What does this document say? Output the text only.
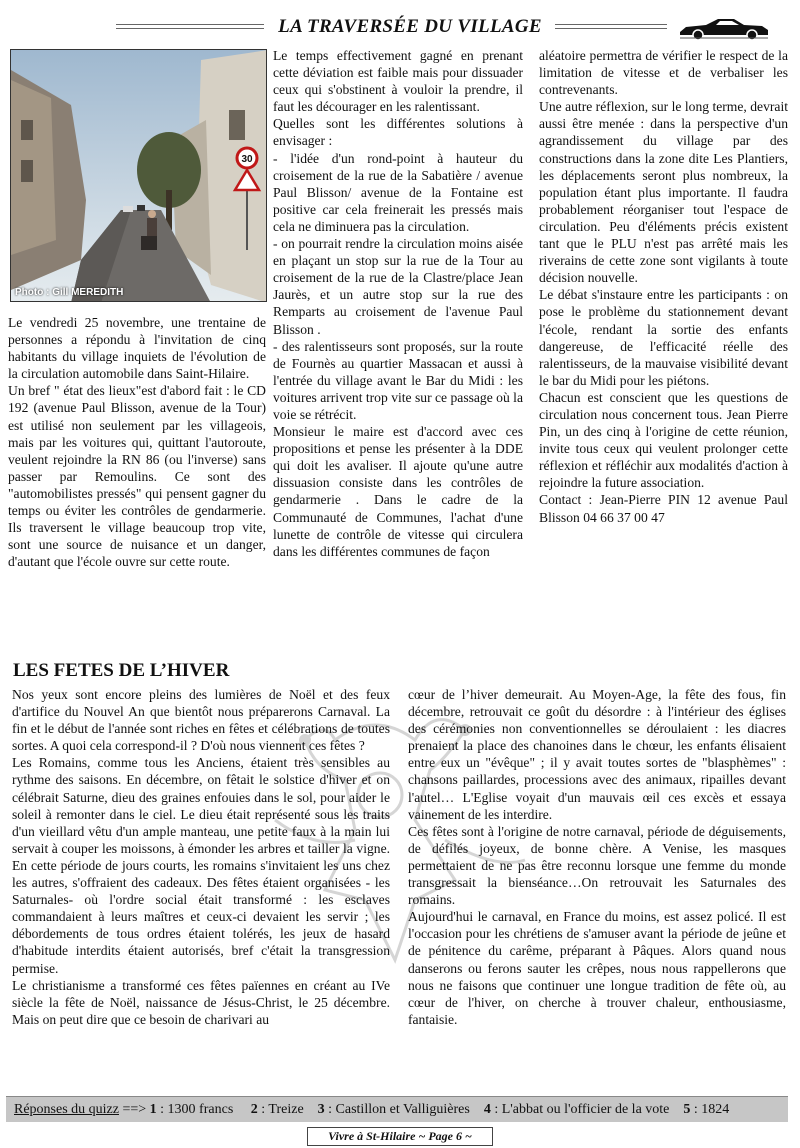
LA TRAVERSÉE DU VILLAGE
30
Photo : Gill MEREDITH

Le vendredi 25 novembre, une trentaine de personnes a répondu à l'invitation de cinq habitants du village inquiets de l'évolution de la circulation automobile dans Saint-Hilaire.

Un bref " état des lieux"est d'abord fait : le CD 192 (avenue Paul Blisson, avenue de la Tour) est utilisé non seulement par les villageois, mais par les voitures qui, quittant l'autoroute, veulent rejoindre la RN 86 (ou l'inverse) sans passer par Remoulins. Ce sont des "automobilistes pressés" qui pensent gagner du temps ou éviter les contrôles de gendarmerie. Ils traversent le village beaucoup trop vite, sont une source de nuisance et un danger, d'autant que l'école ouvre sur cette route.

Le temps effectivement gagné en prenant cette déviation est faible mais pour dissuader ceux qui s'obstinent à vouloir la prendre, il faut les décourager en les ralentissant.

Quelles sont les différentes solutions à envisager :

- l'idée d'un rond-point à hauteur du croisement de la rue de la Sabatière / avenue Paul Blisson/ avenue de la Fontaine est positive car cela freinerait les pressés mais cela ne diminuera pas la circulation.

- on pourrait rendre la circulation moins aisée en plaçant un stop sur la rue de la Tour au croisement de la rue de la Clastre/place Jean Jaurès, et un autre stop sur la rue des Remparts au croisement de l'avenue Paul Blisson .

- des ralentisseurs sont proposés, sur la route de Fournès au quartier Massacan et aussi à l'entrée du village avant le Bar du Midi : les voitures arrivent trop vite sur ce passage où la voie se rétrécit.

Monsieur le maire est d'accord avec ces propositions et pense les présenter à la DDE qui doit les avaliser. Il ajoute qu'une autre dissuasion consiste dans les contrôles de gendarmerie . Dans le cadre de la Communauté de Communes, l'achat d'une lunette de contrôle de vitesse qui circulera dans les différentes communes de façon

aléatoire permettra de vérifier le respect de la limitation de vitesse et de verbaliser les contrevenants.

Une autre réflexion, sur le long terme, devrait aussi être menée : dans la perspective d'un agrandissement du village par des constructions dans la zone dite Les Plantiers, les déplacements seront plus nombreux, la population étant plus importante. Il faudra probablement réorganiser tout l'espace de circulation. Peu d'éléments précis existent tant que le PLU n'est pas arrêté mais les riverains de cette zone sont vigilants à toute décision nouvelle.

Le débat s'instaure entre les participants : on pose le problème du stationnement devant l'école, rendant la sortie des enfants dangereuse, de l'efficacité réelle des ralentisseurs, de la mauvaise visibilité devant le bar du Midi pour les piétons.

Chacun est conscient que les questions de circulation nous concernent tous. Jean Pierre Pin, un des cinq à l'origine de cette réunion, invite tous ceux qui veulent prolonger cette réflexion et réfléchir aux modalités d'action à rejoindre la future association.

Contact : Jean-Pierre PIN 12 avenue Paul Blisson 04 66 37 00 47

LES FETES DE L’HIVER

Nos yeux sont encore pleins des lumières de Noël et des feux d'artifice du Nouvel An que bientôt nous préparerons Carnaval. La fin et le début de l'année sont riches en fêtes et célébrations de toutes sortes. A quoi cela correspond-il ? D'où nous viennent ces fêtes ?

Les Romains, comme tous les Anciens, étaient très sensibles au rythme des saisons. En décembre, on fêtait le solstice d'hiver et on célébrait Saturne, dieu des graines enfouies dans le sol, pour aider le soleil à remonter dans le ciel. Le dieu était représenté sous les traits d'un vieillard vêtu d'un ample manteau, une petite faux à la main lui servait à couper les moissons, à émonder les arbres et tailler la vigne. En cette période de jours courts, les romains s'invitaient les uns chez les autres, s'offraient des cadeaux. Des fêtes étaient organisées - les Saturnales- où l'ordre social était transformé : les esclaves commandaient à leurs maîtres et ceux-ci devaient les servir ; les débordements de tous ordres étaient tolérés, les jeux de hasard d'habitude interdits étaient autorisés, bref c'était la transgression permise.

Le christianisme a transformé ces fêtes païennes en créant au IVe siècle la fête de Noël, naissance de Jésus-Christ, le 25 décembre. Mais on peut dire que ce besoin de charivari au

cœur de l’hiver demeurait. Au Moyen-Age, la fête des fous, fin décembre, retrouvait ce goût du désordre : à l'intérieur des églises des cérémonies non conventionnelles se déroulaient : les diacres prenaient la place des chanoines dans le chœur, les enfants élisaient entre eux un "évêque" ; il y avait toutes sortes de "blasphèmes" : chansons paillardes, processions avec des animaux, ripailles devant l'autel… L'Eglise voyait d'un mauvais œil ces excès et essaya vainement de les interdire.

Ces fêtes sont à l'origine de notre carnaval, période de déguisements, de défilés joyeux, de bonne chère. A Venise, les masques permettaient de ne pas être reconnu lorsque une femme du monde transgressait la bienséance…On retrouvait les Saturnales des romains.

Aujourd'hui le carnaval, en France du moins, est assez policé. Il est l'occasion pour les chrétiens de s'amuser avant la période de jeûne et de pénitence du carême, préparant à Pâques. Alors quand nous danserons ou ferons sauter les crêpes, nous nous rappellerons que nous ne faisons que continuer une longue tradition de fête où, au cœur de l'hiver, on cherche à trouver chaleur, enthousiasme, fantaisie.

Réponses du quizz ==> 1 : 1300 francs 2 : Treize 3 : Castillon et Valliguières 4 : L'abbat ou l'officier de la vote 5 : 1824
Vivre à St-Hilaire ~ Page 6 ~
